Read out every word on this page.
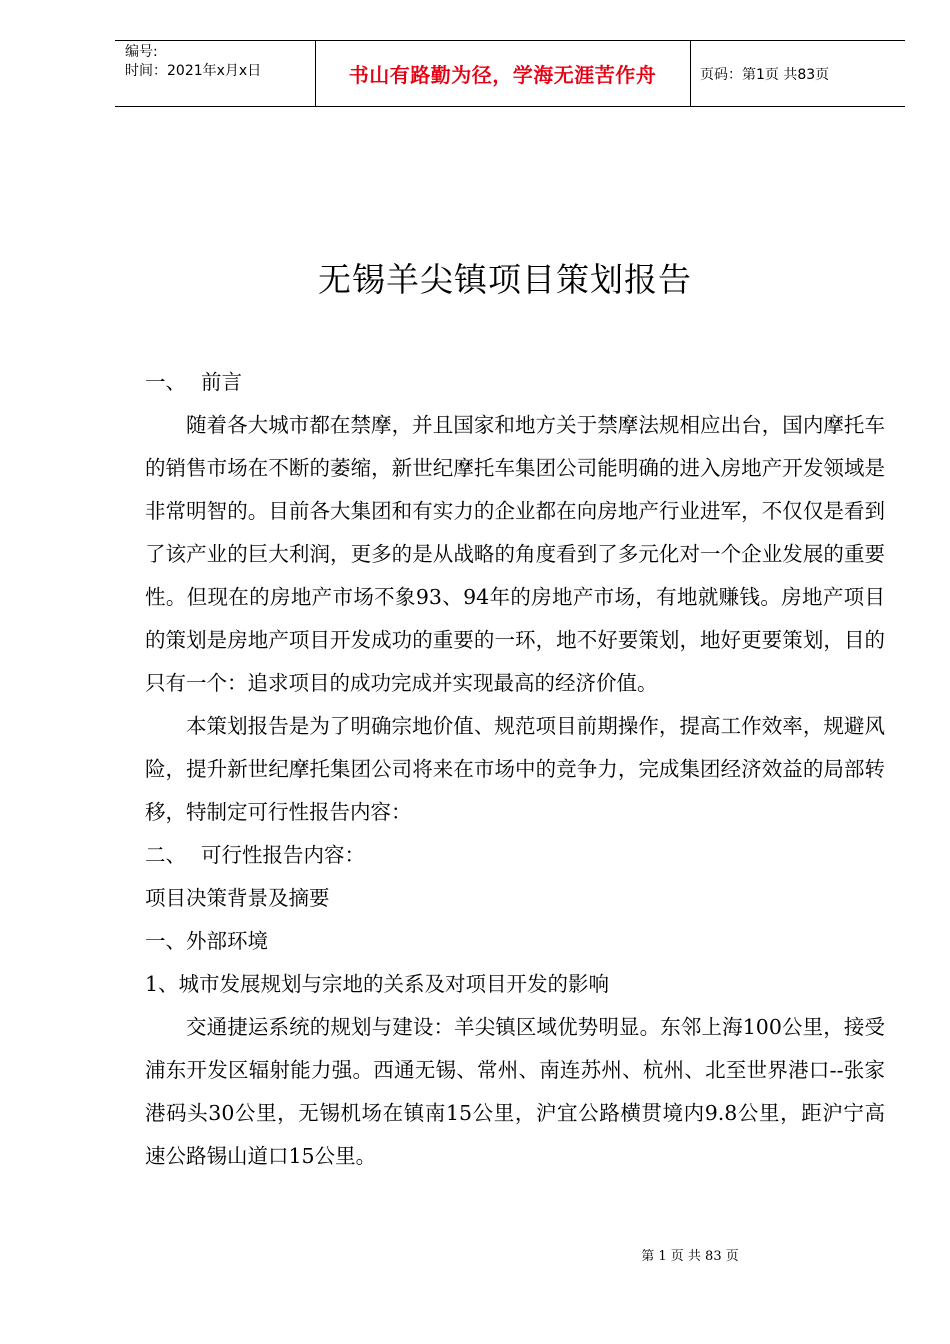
编号:
时间：2021年x月x日	书山有路勤为径，学海无涯苦作舟	页码：第1页 共83页
无锡羊尖镇项目策划报告

一、 前言

随着各大城市都在禁摩，并且国家和地方关于禁摩法规相应出台，国内摩托车的销售市场在不断的萎缩，新世纪摩托车集团公司能明确的进入房地产开发领域是非常明智的。目前各大集团和有实力的企业都在向房地产行业进军，不仅仅是看到了该产业的巨大利润，更多的是从战略的角度看到了多元化对一个企业发展的重要性。但现在的房地产市场不象93、94年的房地产市场，有地就赚钱。房地产项目的策划是房地产项目开发成功的重要的一环，地不好要策划，地好更要策划，目的只有一个：追求项目的成功完成并实现最高的经济价值。

本策划报告是为了明确宗地价值、规范项目前期操作，提高工作效率，规避风险，提升新世纪摩托集团公司将来在市场中的竞争力，完成集团经济效益的局部转移，特制定可行性报告内容：

二、 可行性报告内容：

项目决策背景及摘要

一、外部环境

1、城市发展规划与宗地的关系及对项目开发的影响

交通捷运系统的规划与建设：羊尖镇区域优势明显。东邻上海100公里，接受浦东开发区辐射能力强。西通无锡、常州、南连苏州、杭州、北至世界港口--张家港码头30公里，无锡机场在镇南15公里，沪宜公路横贯境内9.8公里，距沪宁高速公路锡山道口15公里。

第 1 页 共 83 页
